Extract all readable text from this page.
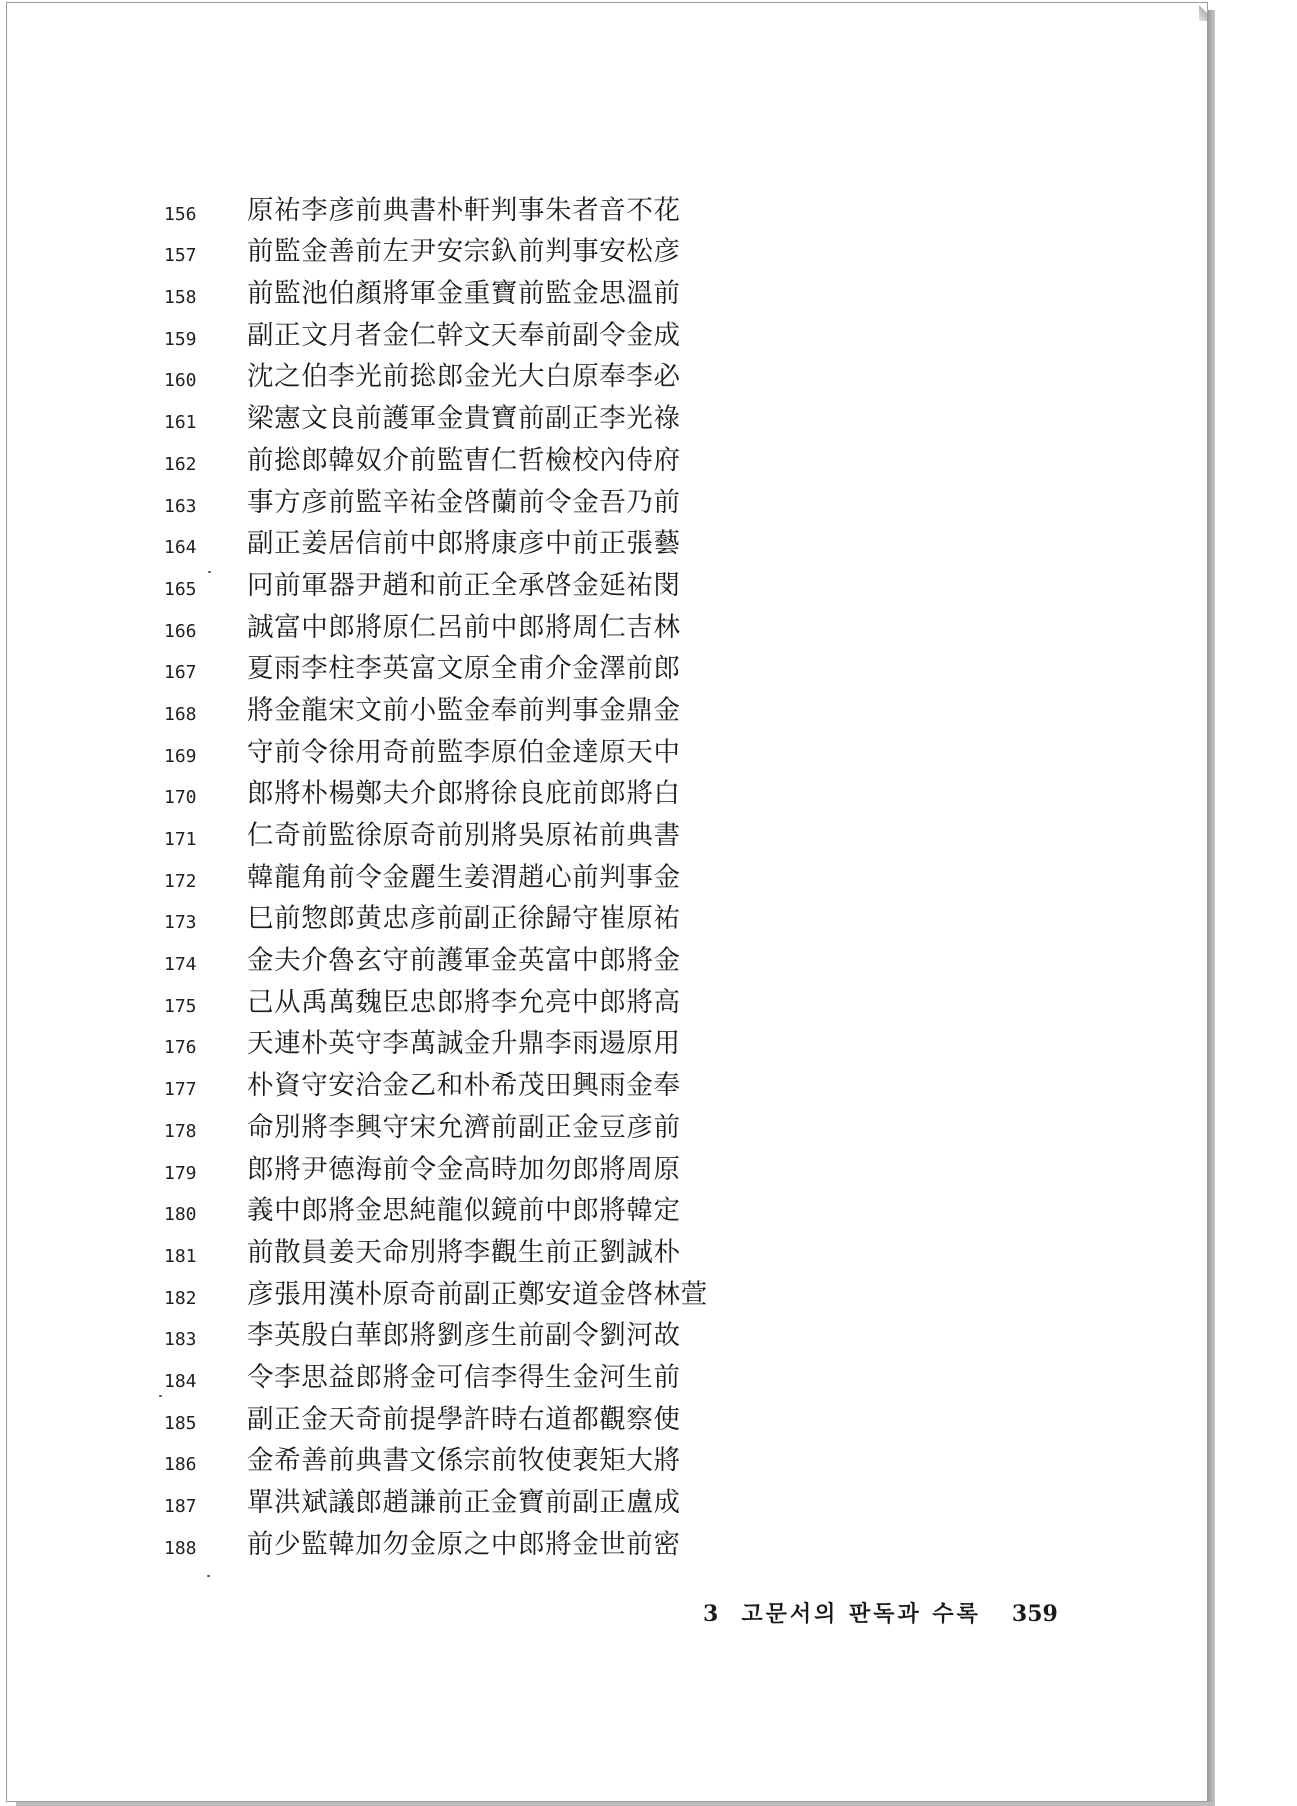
156	原祐李彦前典書朴軒判事朱者音不花
157	前監金善前左尹安宗釞前判事安松彦
158	前監池伯顏將軍金重寶前監金思溫前
159	副正文月者金仁幹文天奉前副令金成
160	沈之伯李光前捴郎金光大白原奉李必
161	梁憲文良前護軍金貴寶前副正李光祿
162	前捴郎韓奴介前監曺仁哲檢校內侍府
163	事方彦前監辛祐金啓蘭前令金吾乃前
164	副正姜居信前中郎將康彦中前正張藝
165	冋前軍器尹趙和前正全承啓金延祐閔
166	誠富中郎將原仁呂前中郎將周仁吉林
167	夏雨李柱李英富文原全甫介金澤前郎
168	將金龍宋文前小監金奉前判事金鼎金
169	守前令徐用奇前監李原伯金達原天中
170	郎將朴楊鄭夫介郎將徐良庇前郎將白
171	仁奇前監徐原奇前別將吳原祐前典書
172	韓龍角前令金麗生姜渭趙心前判事金
173	巳前惣郎黄忠彦前副正徐歸守崔原祐
174	金夫介魯玄守前護軍金英富中郎將金
175	己从禹萬魏臣忠郎將李允亮中郎將高
176	天連朴英守李萬誠金升鼎李雨逿原用
177	朴資守安洽金乙和朴希茂田興雨金奉
178	命別將李興守宋允濟前副正金豆彦前
179	郎將尹德海前令金高時加勿郎將周原
180	義中郎將金思純龍似鏡前中郎將韓定
181	前散員姜天命別將李觀生前正劉誠朴
182	彦張用漢朴原奇前副正鄭安道金啓林萱
183	李英殷白華郎將劉彦生前副令劉河故
184	令李思益郎將金可信李得生金河生前
185	副正金天奇前提學許時右道都觀察使
186	金希善前典書文係宗前牧使裵矩大將
187	單洪斌議郎趙謙前正金寶前副正盧成
188	前少監韓加勿金原之中郎將金世前密
3 고문서의 판독과 수록 359
